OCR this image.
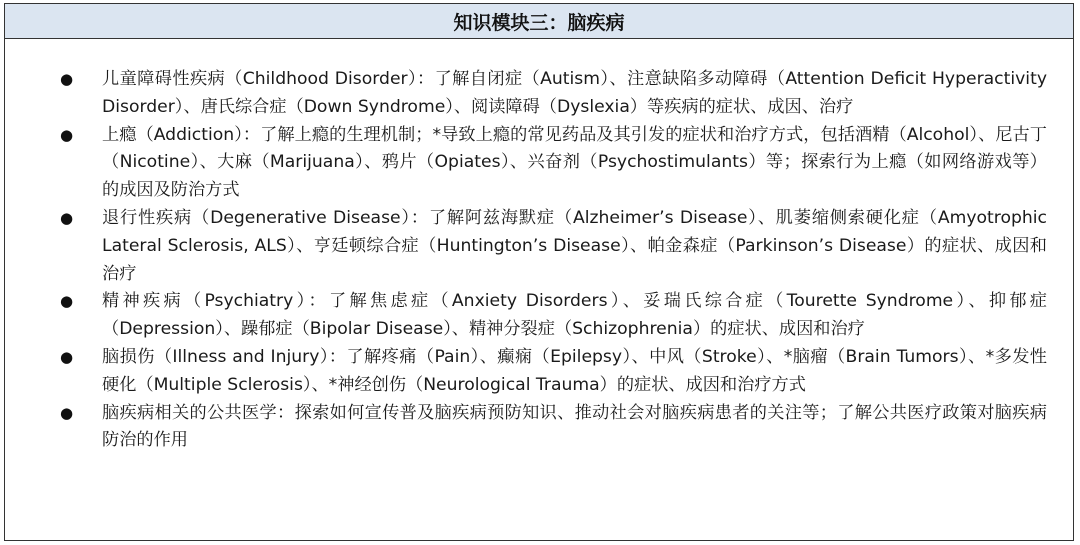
知识模块三：脑疾病
● 儿童障碍性疾病（Childhood Disorder）：了解自闭症（Autism）、注意缺陷多动障碍（Attention Deficit Hyperactivity Disorder）、唐氏综合症（Down Syndrome）、阅读障碍（Dyslexia）等疾病的症状、成因、治疗
● 上瘾（Addiction）：了解上瘾的生理机制；*导致上瘾的常见药品及其引发的症状和治疗方式，包括酒精（Alcohol）、尼古丁（Nicotine）、大麻（Marijuana）、鸦片（Opiates）、兴奋剂（Psychostimulants）等；探索行为上瘾（如网络游戏等）的成因及防治方式
● 退行性疾病（Degenerative Disease）：了解阿兹海默症（Alzheimer’s Disease）、肌萎缩侧索硬化症（Amyotrophic Lateral Sclerosis, ALS）、亨廷顿综合症（Huntington’s Disease）、帕金森症（Parkinson’s Disease）的症状、成因和治疗
● 精神疾病（Psychiatry）：了解焦虑症（Anxiety Disorders）、妥瑞氏综合症（Tourette Syndrome）、抑郁症（Depression）、躁郁症（Bipolar Disease）、精神分裂症（Schizophrenia）的症状、成因和治疗
● 脑损伤（Illness and Injury）：了解疼痛（Pain）、癫痫（Epilepsy）、中风（Stroke）、*脑瘤（Brain Tumors）、*多发性硬化（Multiple Sclerosis）、*神经创伤（Neurological Trauma）的症状、成因和治疗方式
● 脑疾病相关的公共医学：探索如何宣传普及脑疾病预防知识、推动社会对脑疾病患者的关注等；了解公共医疗政策对脑疾病防治的作用
